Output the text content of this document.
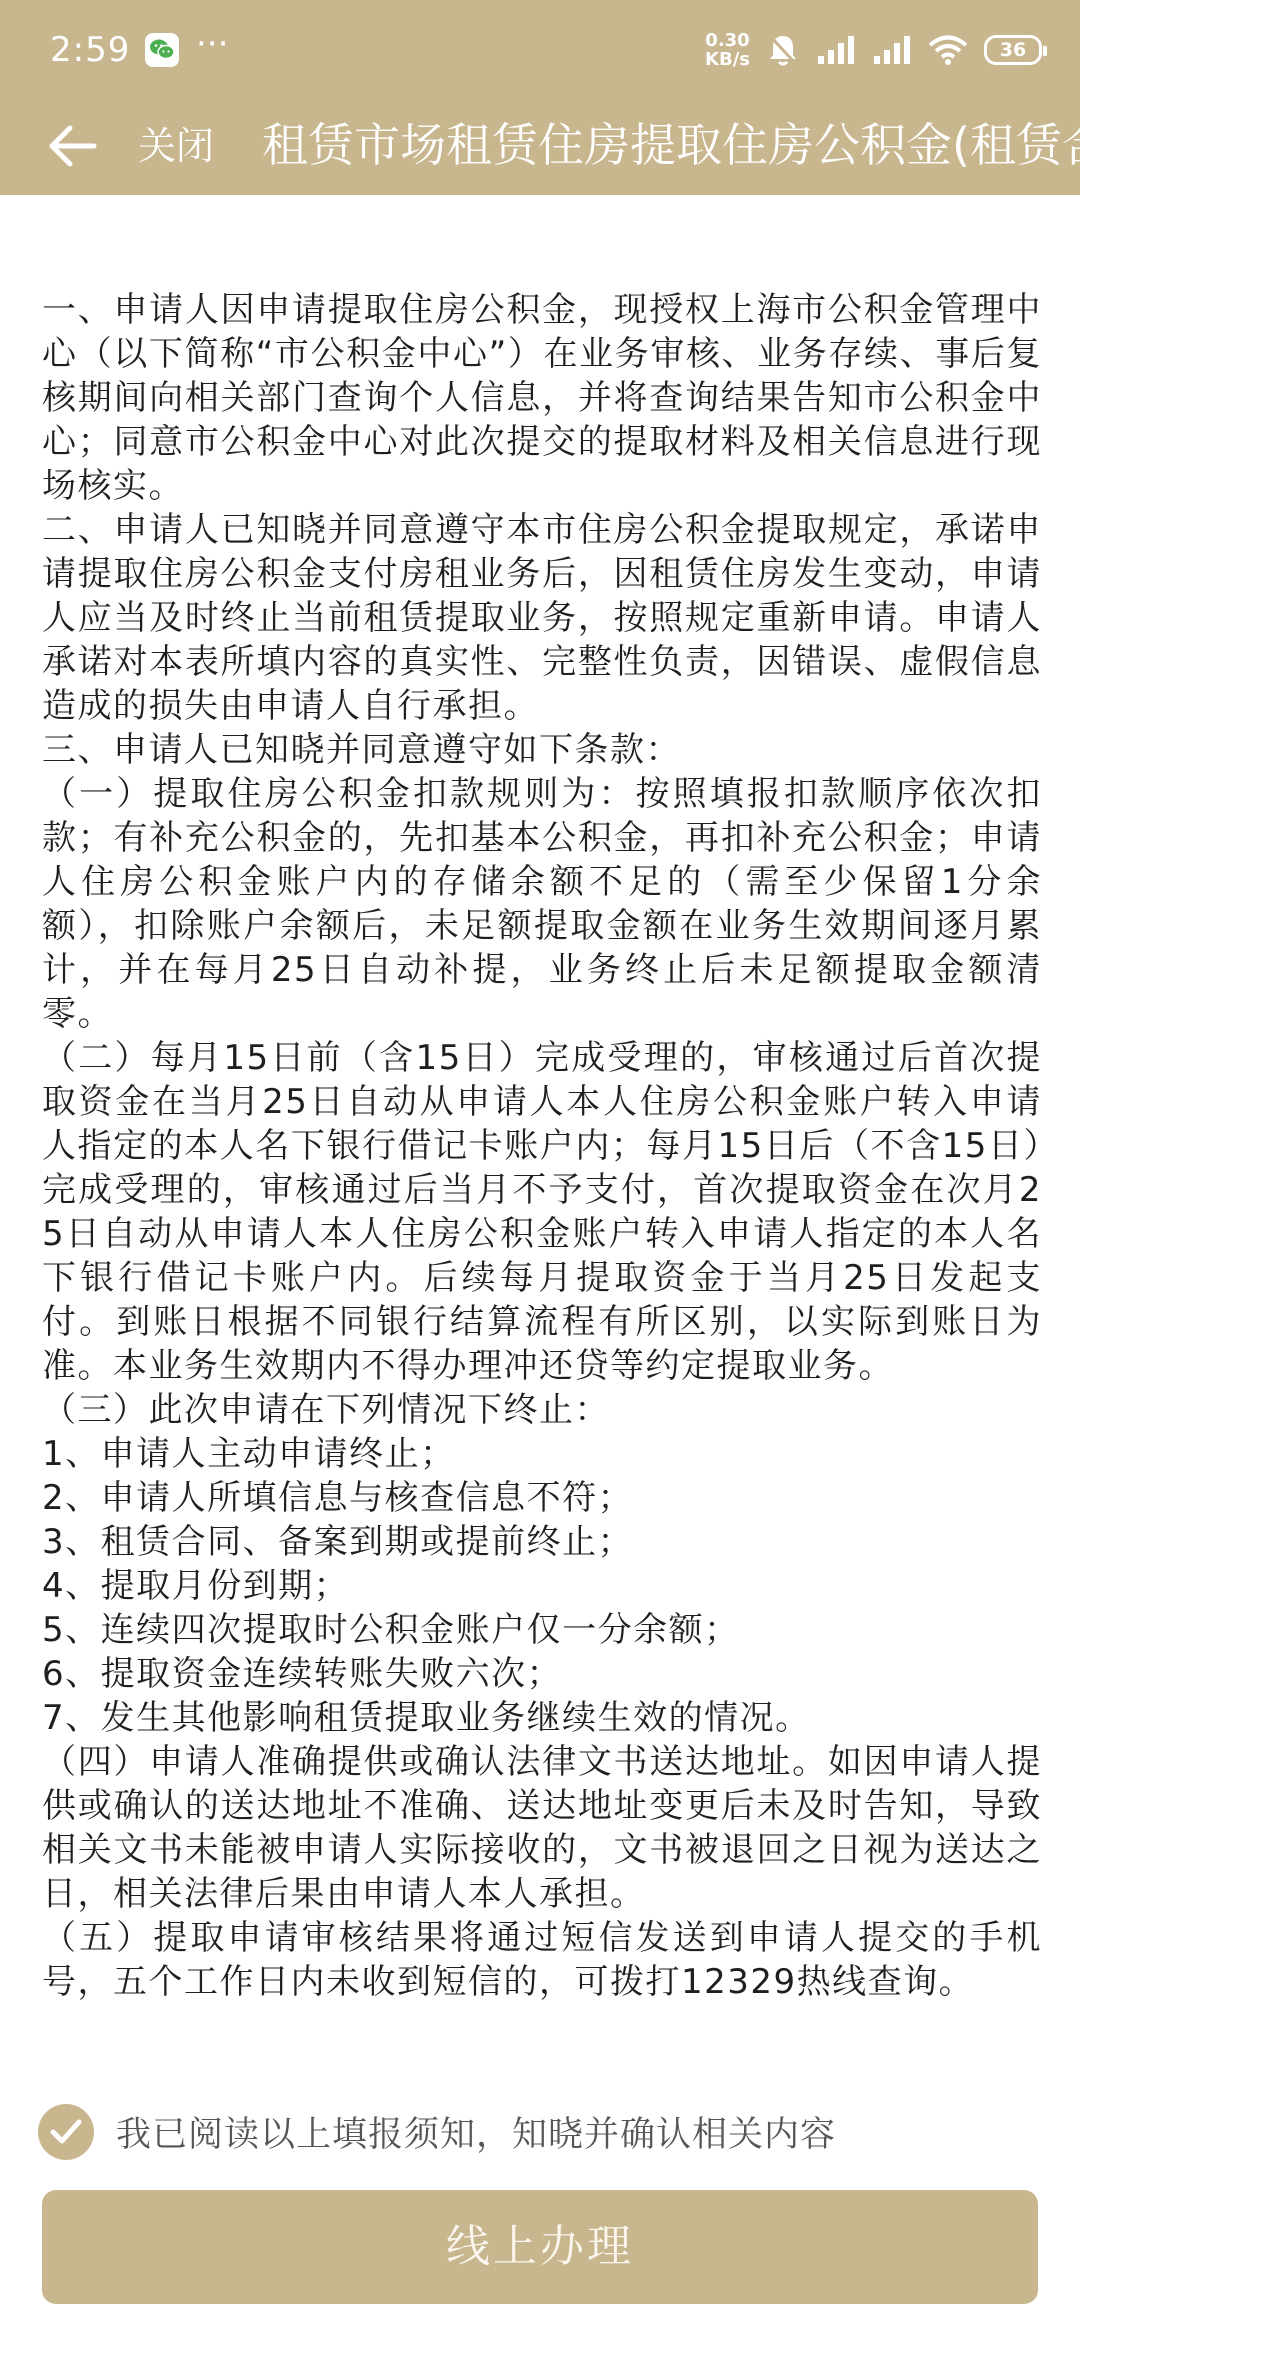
2:59 ···	0.30
KB/s	36
关闭 租赁市场租赁住房提取住房公积金(租赁合同备案)

一、申请人因申请提取住房公积金，现授权上海市公积金管理中心（以下简称“市公积金中心”）在业务审核、业务存续、事后复核期间向相关部门查询个人信息，并将查询结果告知市公积金中心；同意市公积金中心对此次提交的提取材料及相关信息进行现场核实。

二、申请人已知晓并同意遵守本市住房公积金提取规定，承诺申请提取住房公积金支付房租业务后，因租赁住房发生变动，申请人应当及时终止当前租赁提取业务，按照规定重新申请。申请人承诺对本表所填内容的真实性、完整性负责，因错误、虚假信息造成的损失由申请人自行承担。

三、申请人已知晓并同意遵守如下条款：

（一）提取住房公积金扣款规则为：按照填报扣款顺序依次扣款；有补充公积金的，先扣基本公积金，再扣补充公积金；申请人住房公积金账户内的存储余额不足的（需至少保留1分余额），扣除账户余额后，未足额提取金额在业务生效期间逐月累计，并在每月25日自动补提，业务终止后未足额提取金额清零。

（二）每月15日前（含15日）完成受理的，审核通过后首次提取资金在当月25日自动从申请人本人住房公积金账户转入申请人指定的本人名下银行借记卡账户内；每月15日后（不含15日）完成受理的，审核通过后当月不予支付，首次提取资金在次月25日自动从申请人本人住房公积金账户转入申请人指定的本人名下银行借记卡账户内。后续每月提取资金于当月25日发起支付。到账日根据不同银行结算流程有所区别，以实际到账日为准。本业务生效期内不得办理冲还贷等约定提取业务。

（三）此次申请在下列情况下终止：

1、申请人主动申请终止；

2、申请人所填信息与核查信息不符；

3、租赁合同、备案到期或提前终止；

4、提取月份到期；

5、连续四次提取时公积金账户仅一分余额；

6、提取资金连续转账失败六次；

7、发生其他影响租赁提取业务继续生效的情况。

（四）申请人准确提供或确认法律文书送达地址。如因申请人提供或确认的送达地址不准确、送达地址变更后未及时告知，导致相关文书未能被申请人实际接收的，文书被退回之日视为送达之日，相关法律后果由申请人本人承担。

（五）提取申请审核结果将通过短信发送到申请人提交的手机号，五个工作日内未收到短信的，可拨打12329热线查询。

我已阅读以上填报须知，知晓并确认相关内容
线上办理
